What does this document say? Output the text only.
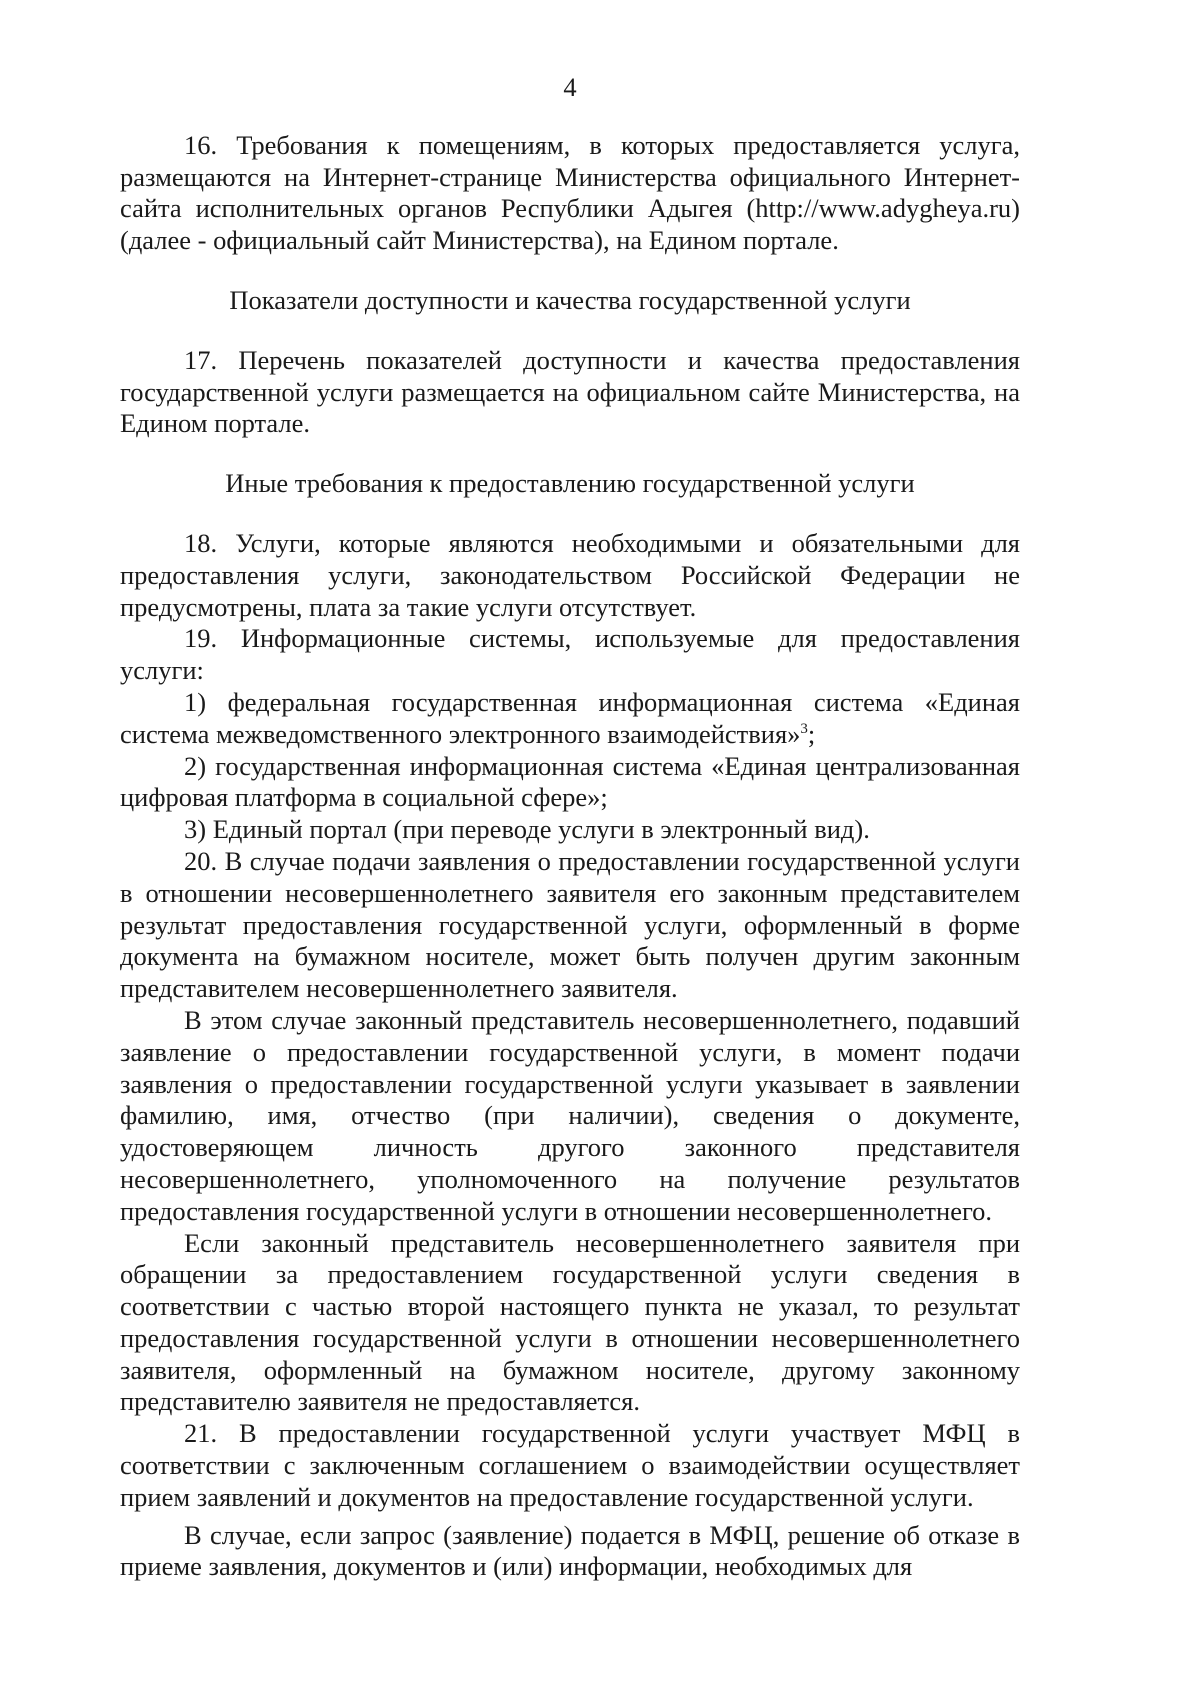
4

16. Требования к помещениям, в которых предоставляется услуга, размещаются на Интернет-странице Министерства официального Интернет-сайта исполнительных органов Республики Адыгея (http://www.adygheya.ru) (далее - официальный сайт Министерства), на Едином портале.

Показатели доступности и качества государственной услуги

17. Перечень показателей доступности и качества предоставления государственной услуги размещается на официальном сайте Министерства, на Едином портале.

Иные требования к предоставлению государственной услуги

18. Услуги, которые являются необходимыми и обязательными для предоставления услуги, законодательством Российской Федерации не предусмотрены, плата за такие услуги отсутствует.

19. Информационные системы, используемые для предоставления услуги:

1) федеральная государственная информационная система «Единая система межведомственного электронного взаимодействия»$^3$;

2) государственная информационная система «Единая централизованная цифровая платформа в социальной сфере»;

3) Единый портал (при переводе услуги в электронный вид).

20. В случае подачи заявления о предоставлении государственной услуги в отношении несовершеннолетнего заявителя его законным представителем результат предоставления государственной услуги, оформленный в форме документа на бумажном носителе, может быть получен другим законным представителем несовершеннолетнего заявителя.

В этом случае законный представитель несовершеннолетнего, подавший заявление о предоставлении государственной услуги, в момент подачи заявления о предоставлении государственной услуги указывает в заявлении фамилию, имя, отчество (при наличии), сведения о документе, удостоверяющем личность другого законного представителя несовершеннолетнего, уполномоченного на получение результатов предоставления государственной услуги в отношении несовершеннолетнего.

Если законный представитель несовершеннолетнего заявителя при обращении за предоставлением государственной услуги сведения в соответствии с частью второй настоящего пункта не указал, то результат предоставления государственной услуги в отношении несовершеннолетнего заявителя, оформленный на бумажном носителе, другому законному представителю заявителя не предоставляется.

21. В предоставлении государственной услуги участвует МФЦ в соответствии с заключенным соглашением о взаимодействии осуществляет прием заявлений и документов на предоставление государственной услуги.

В случае, если запрос (заявление) подается в МФЦ, решение об отказе в приеме заявления, документов и (или) информации, необходимых для
